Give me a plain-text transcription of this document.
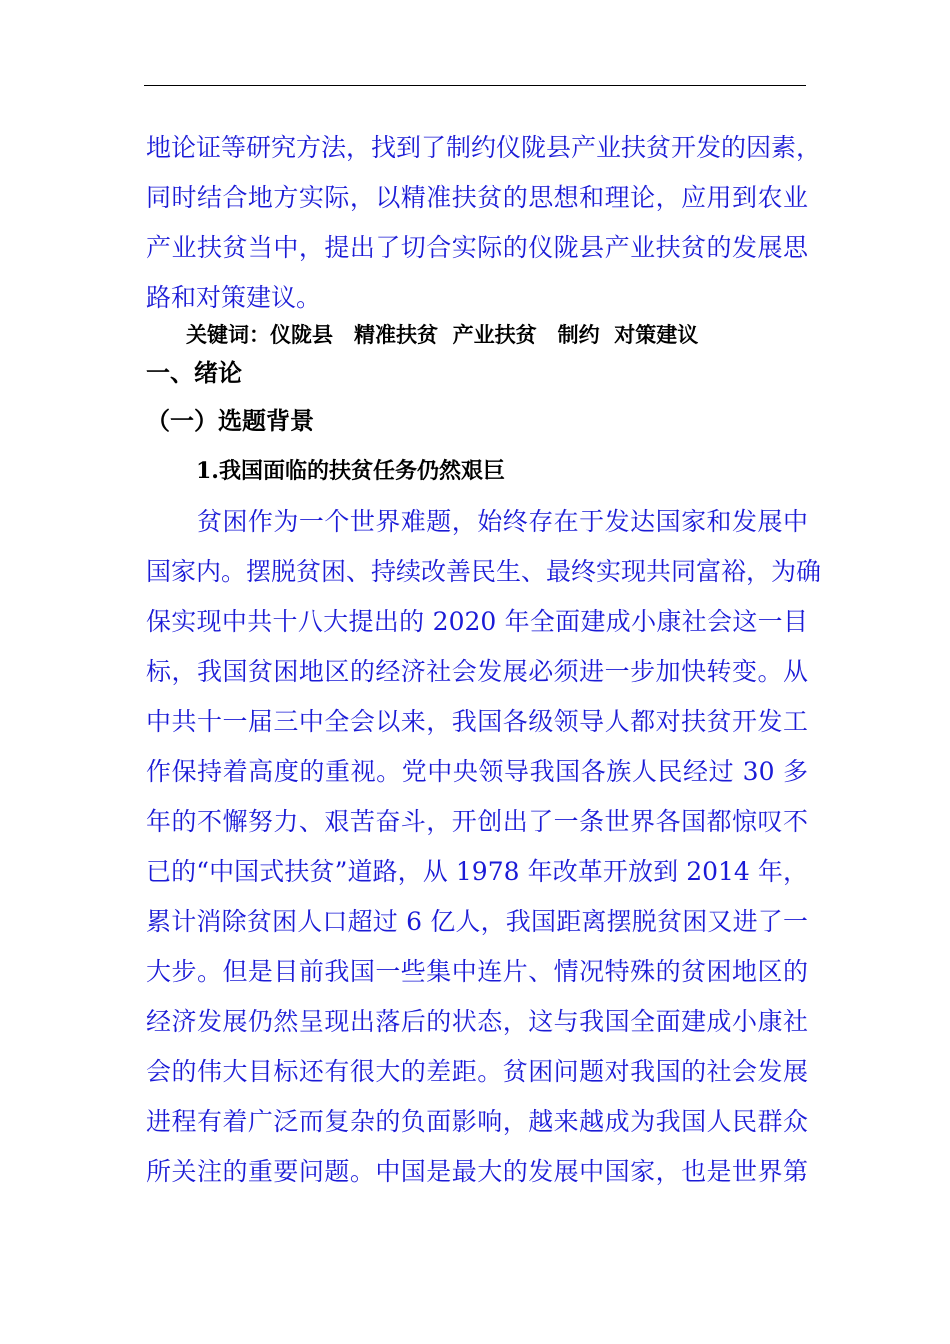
地论证等研究方法，找到了制约仪陇县产业扶贫开发的因素，

同时结合地方实际，以精准扶贫的思想和理论，应用到农业

产业扶贫当中，提出了切合实际的仪陇县产业扶贫的发展思

路和对策建议。

关键词：仪陇县　精准扶贫  产业扶贫　制约  对策建议

一、绪论
（一）选题背景
1.我国面临的扶贫任务仍然艰巨

　　贫困作为一个世界难题，始终存在于发达国家和发展中

国家内。摆脱贫困、持续改善民生、最终实现共同富裕，为确

保实现中共十八大提出的 2020 年全面建成小康社会这一目

标，我国贫困地区的经济社会发展必须进一步加快转变。从

中共十一届三中全会以来，我国各级领导人都对扶贫开发工

作保持着高度的重视。党中央领导我国各族人民经过 30 多

年的不懈努力、艰苦奋斗，开创出了一条世界各国都惊叹不

已的“中国式扶贫”道路，从 1978 年改革开放到 2014 年，

累计消除贫困人口超过 6 亿人，我国距离摆脱贫困又进了一

大步。但是目前我国一些集中连片、情况特殊的贫困地区的

经济发展仍然呈现出落后的状态，这与我国全面建成小康社

会的伟大目标还有很大的差距。贫困问题对我国的社会发展

进程有着广泛而复杂的负面影响，越来越成为我国人民群众

所关注的重要问题。中国是最大的发展中国家，也是世界第
